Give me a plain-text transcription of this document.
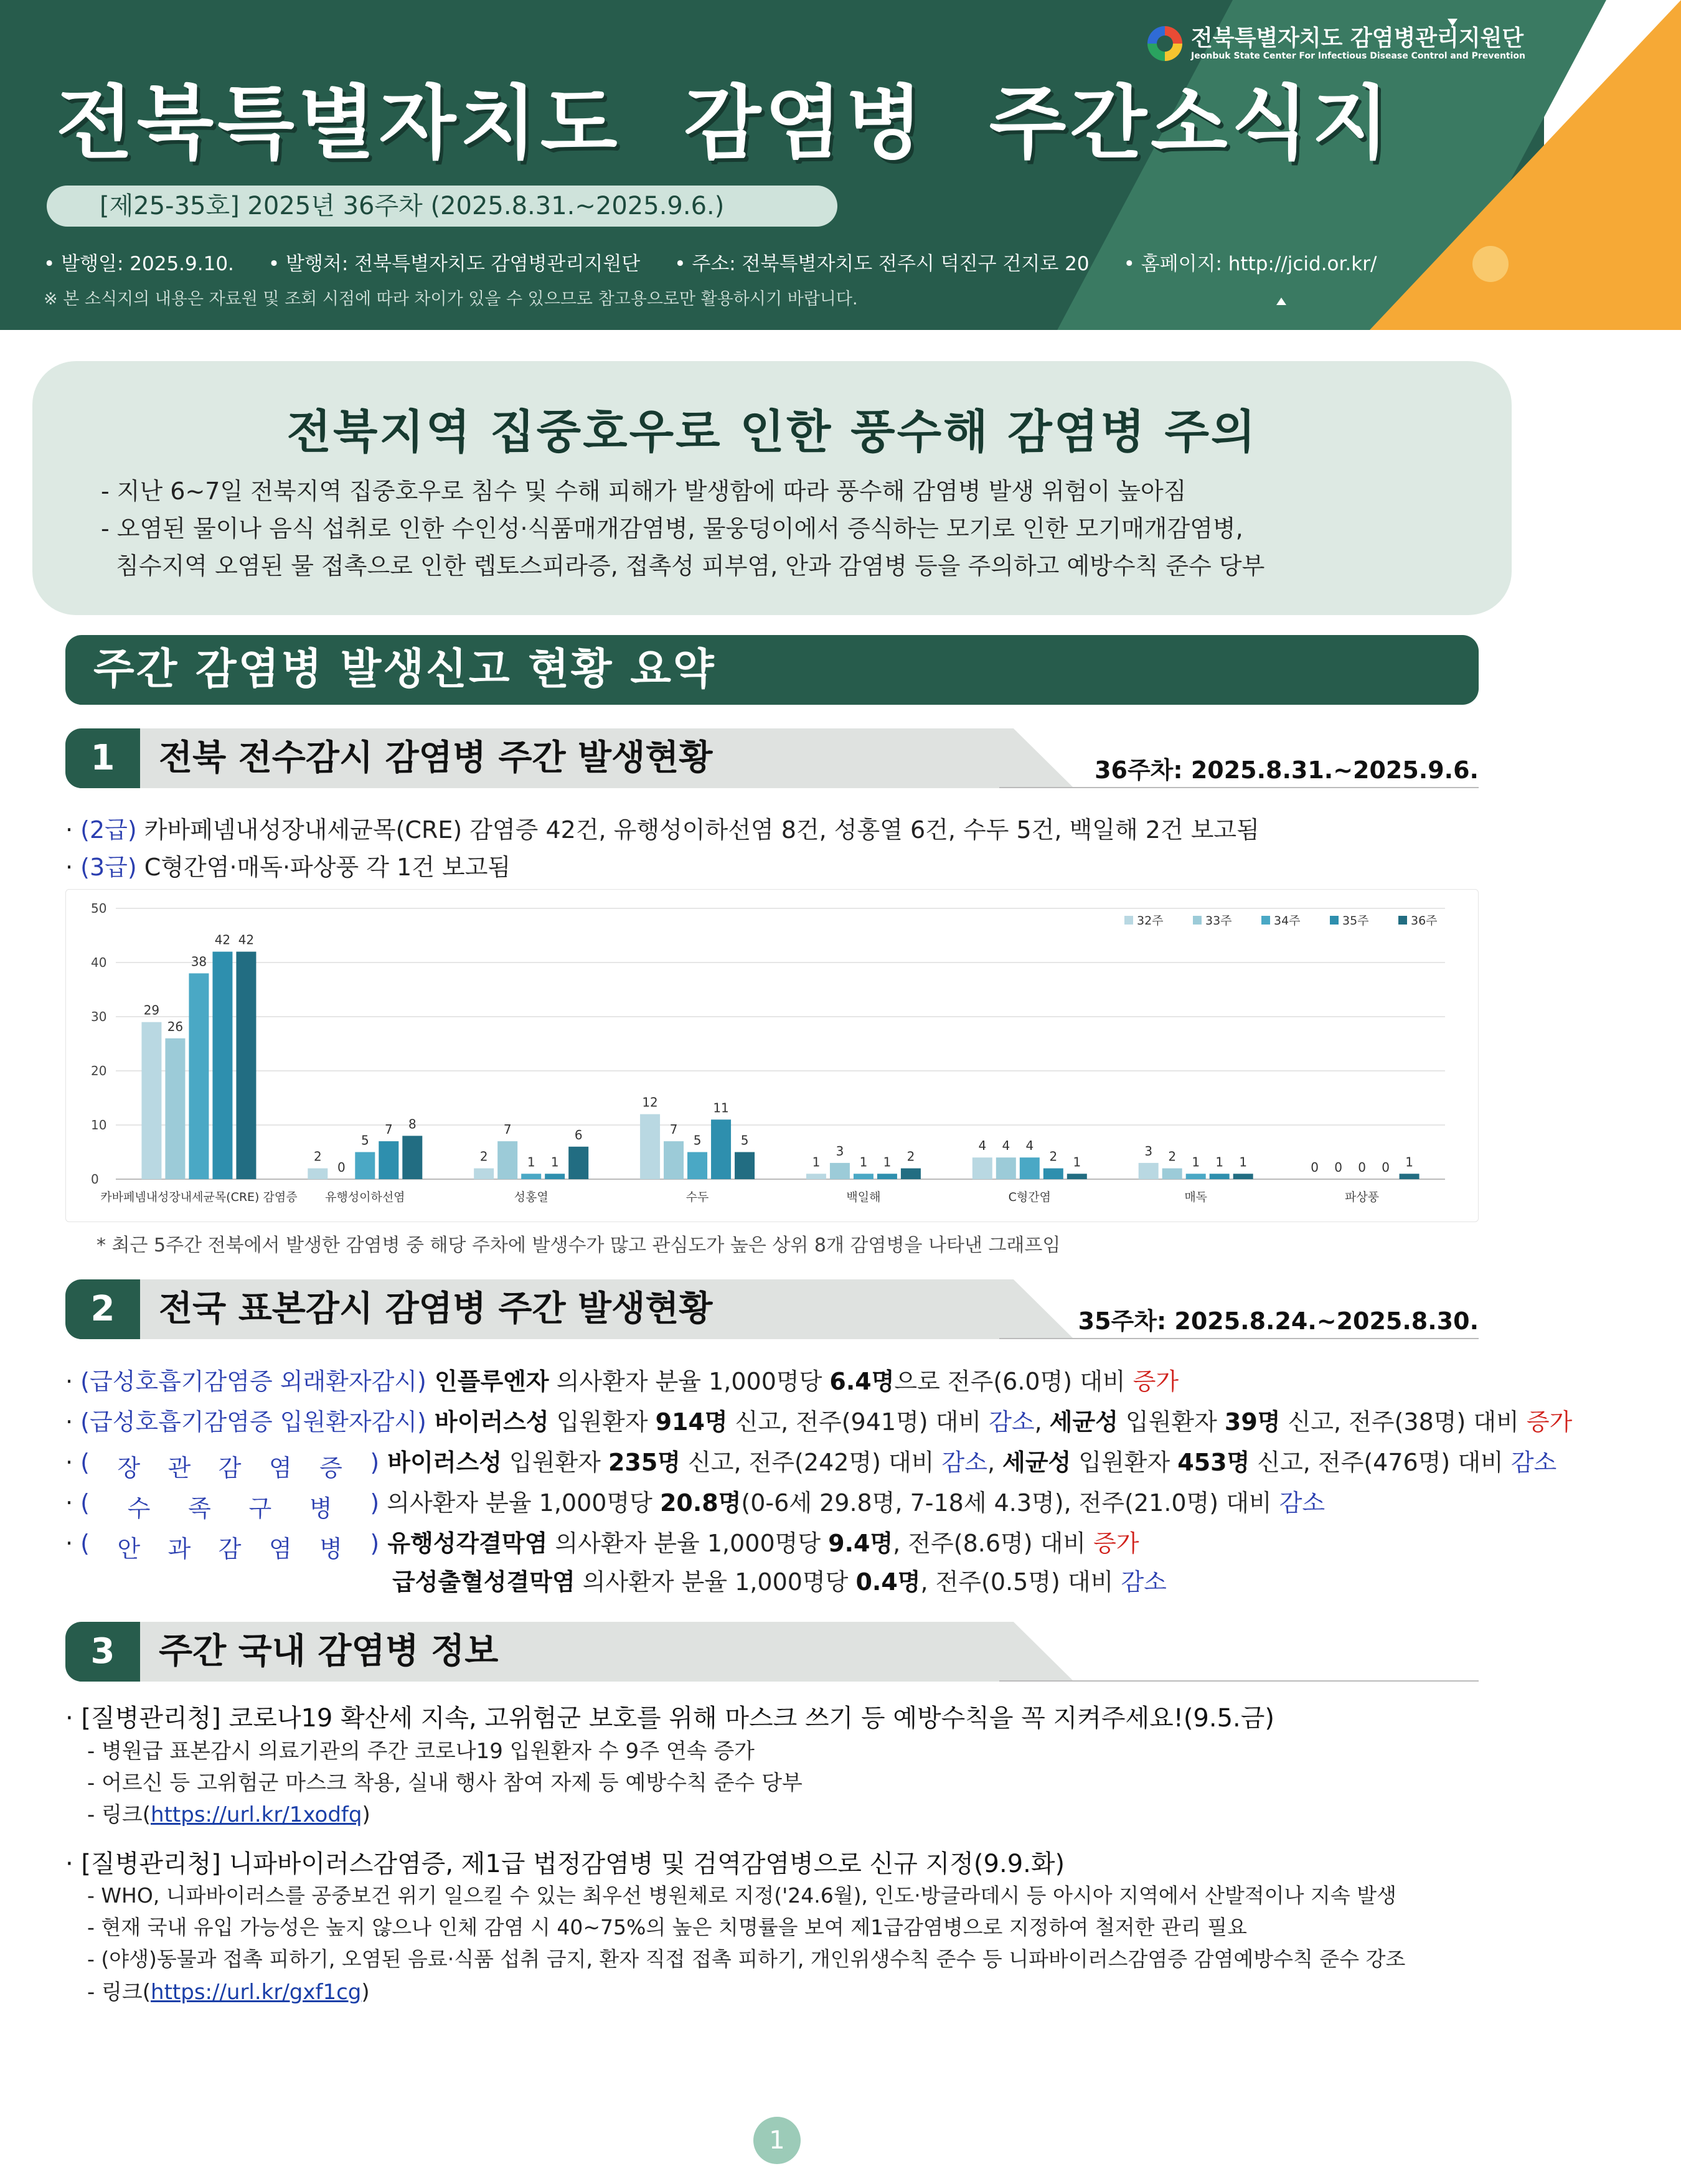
전북특별자치도 감염병관리지원단
Jeonbuk State Center For Infectious Disease Control and Prevention
전북특별자치도  감염병  주간소식지
[제25-35호] 2025년 36주차 (2025.8.31.~2025.9.6.)
• 발행일: 2025.9.10. • 발행처: 전북특별자치도 감염병관리지원단 • 주소: 전북특별자치도 전주시 덕진구 건지로 20 • 홈페이지: http://jcid.or.kr/
※ 본 소식지의 내용은 자료원 및 조회 시점에 따라 차이가 있을 수 있으므로 참고용으로만 활용하시기 바랍니다.
전북지역 집중호우로 인한 풍수해 감염병 주의
- 지난 6~7일 전북지역 집중호우로 침수 및 수해 피해가 발생함에 따라 풍수해 감염병 발생 위험이 높아짐
- 오염된 물이나 음식 섭취로 인한 수인성·식품매개감염병, 물웅덩이에서 증식하는 모기로 인한 모기매개감염병,
침수지역 오염된 물 접촉으로 인한 렙토스피라증, 접촉성 피부염, 안과 감염병 등을 주의하고 예방수칙 준수 당부
주간 감염병 발생신고 현황 요약
1	전북 전수감시 감염병 주간 발생현황	36주차: 2025.8.31.~2025.9.6.
· (2급) 카바페넴내성장내세균목(CRE) 감염증 42건, 유행성이하선염 8건, 성홍열 6건, 수두 5건, 백일해 2건 보고됨
· (3급) C형간염·매독·파상풍 각 1건 보고됨
0
10
20
30
40
50
29
26
38
42 42
카바페넴내성장내세균목(CRE) 감염증
2
0
5
7 8
유행성이하선염
2
7
1 1
6
성홍열
12
7
5
11
5
수두
1
3
1 1 2
백일해
4 4 4
2 1
C형간염
3 2 1 1 1
매독
0 0 0 0 1
파상풍
32주	33주	34주	35주	36주
* 최근 5주간 전북에서 발생한 감염병 중 해당 주차에 발생수가 많고 관심도가 높은 상위 8개 감염병을 나타낸 그래프임
2	전국 표본감시 감염병 주간 발생현황	35주차: 2025.8.24.~2025.8.30.
· (급성호흡기감염증 외래환자감시) 인플루엔자 의사환자 분율 1,000명당 6.4명으로 전주(6.0명) 대비 증가
· (급성호흡기감염증 입원환자감시) 바이러스성 입원환자 914명 신고, 전주(941명) 대비 감소, 세균성 입원환자 39명 신고, 전주(38명) 대비 증가
· ( 장 관 감 염 증 ) 바이러스성 입원환자 235명 신고, 전주(242명) 대비 감소, 세균성 입원환자 453명 신고, 전주(476명) 대비 감소
· ( 수 족 구 병 ) 의사환자 분율 1,000명당 20.8명(0-6세 29.8명, 7-18세 4.3명), 전주(21.0명) 대비 감소
· ( 안 과 감 염 병 ) 유행성각결막염 의사환자 분율 1,000명당 9.4명, 전주(8.6명) 대비 증가
급성출혈성결막염 의사환자 분율 1,000명당 0.4명, 전주(0.5명) 대비 감소
3	주간 국내 감염병 정보
· [질병관리청] 코로나19 확산세 지속, 고위험군 보호를 위해 마스크 쓰기 등 예방수칙을 꼭 지켜주세요!(9.5.금)
- 병원급 표본감시 의료기관의 주간 코로나19 입원환자 수 9주 연속 증가
- 어르신 등 고위험군 마스크 착용, 실내 행사 참여 자제 등 예방수칙 준수 당부
- 링크(https://url.kr/1xodfq)
· [질병관리청] 니파바이러스감염증, 제1급 법정감염병 및 검역감염병으로 신규 지정(9.9.화)
- WHO, 니파바이러스를 공중보건 위기 일으킬 수 있는 최우선 병원체로 지정('24.6월), 인도·방글라데시 등 아시아 지역에서 산발적이나 지속 발생
- 현재 국내 유입 가능성은 높지 않으나 인체 감염 시 40~75%의 높은 치명률을 보여 제1급감염병으로 지정하여 철저한 관리 필요
- (야생)동물과 접촉 피하기, 오염된 음료·식품 섭취 금지, 환자 직접 접촉 피하기, 개인위생수칙 준수 등 니파바이러스감염증 감염예방수칙 준수 강조
- 링크(https://url.kr/gxf1cg)
1
